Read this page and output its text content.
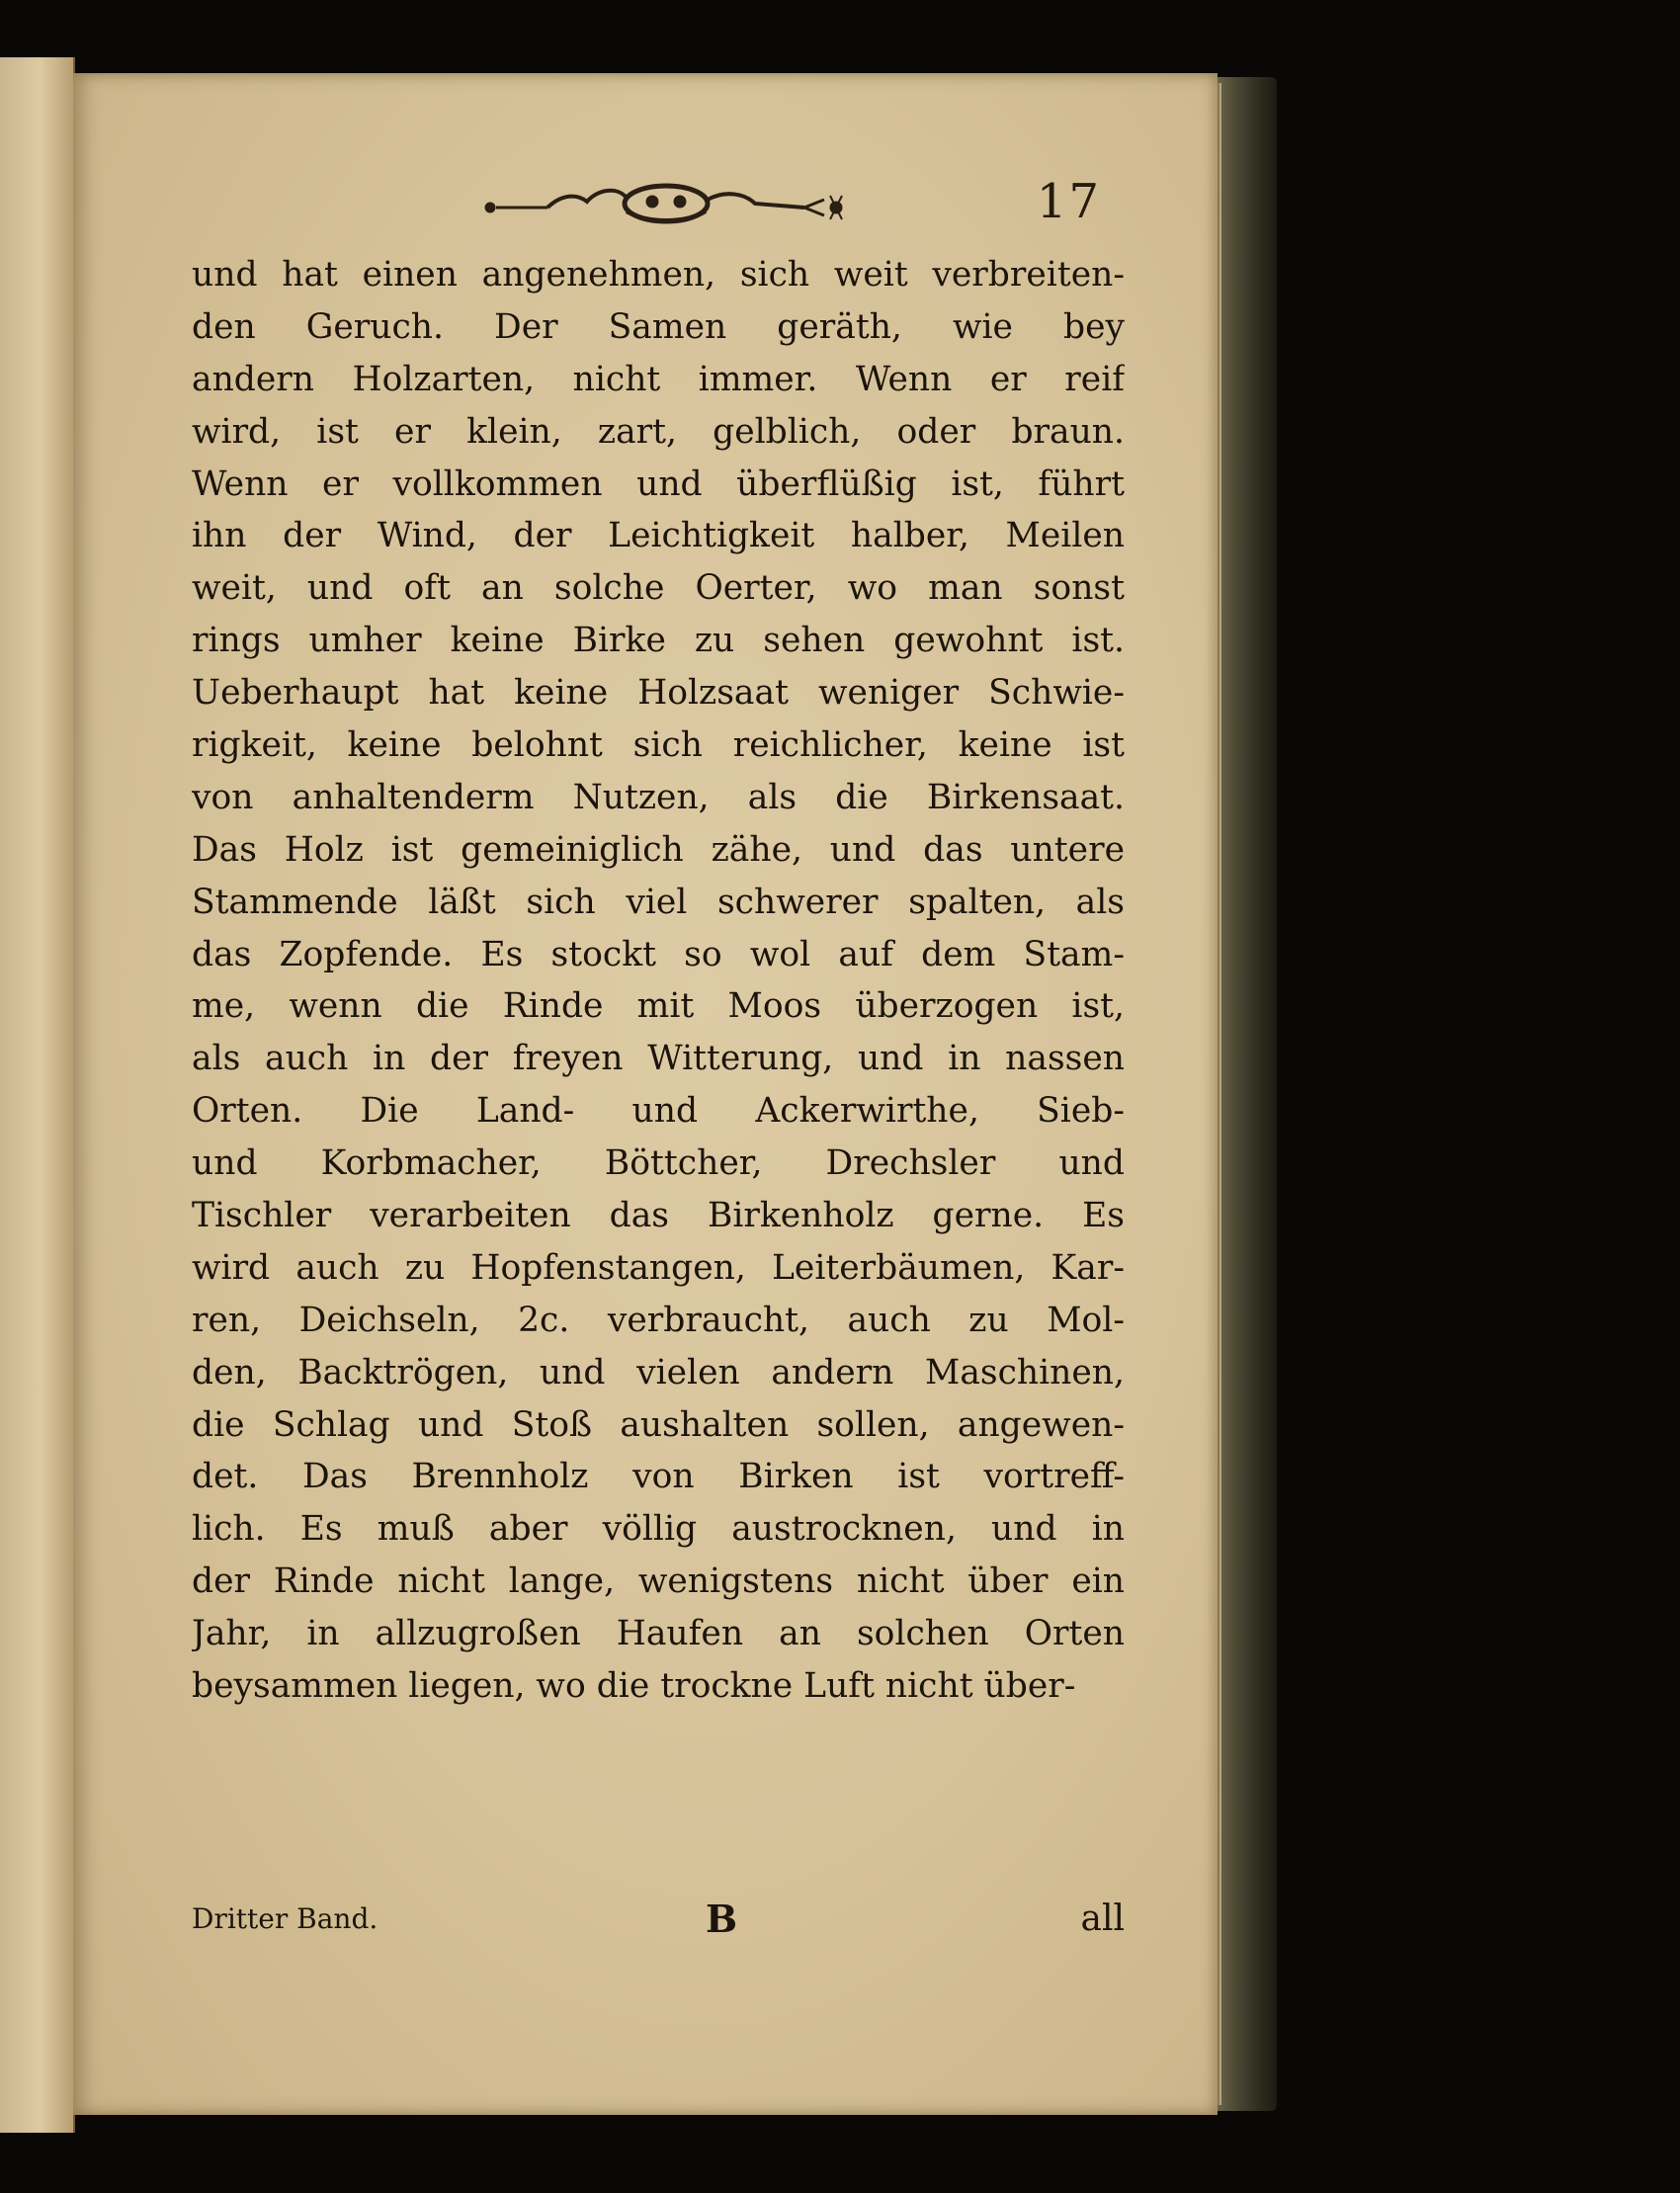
17
und hat einen angenehmen, sich weit verbreiten-
den Geruch. Der Samen geräth, wie bey
andern Holzarten, nicht immer. Wenn er reif
wird, ist er klein, zart, gelblich, oder braun.
Wenn er vollkommen und überflüßig ist, führt
ihn der Wind, der Leichtigkeit halber, Meilen
weit, und oft an solche Oerter, wo man sonst
rings umher keine Birke zu sehen gewohnt ist.
Ueberhaupt hat keine Holzsaat weniger Schwie-
rigkeit, keine belohnt sich reichlicher, keine ist
von anhaltenderm Nutzen, als die Birkensaat.
Das Holz ist gemeiniglich zähe, und das untere
Stammende läßt sich viel schwerer spalten, als
das Zopfende. Es stockt so wol auf dem Stam-
me, wenn die Rinde mit Moos überzogen ist,
als auch in der freyen Witterung, und in nassen
Orten. Die Land- und Ackerwirthe, Sieb-
und Korbmacher, Böttcher, Drechsler und
Tischler verarbeiten das Birkenholz gerne. Es
wird auch zu Hopfenstangen, Leiterbäumen, Kar-
ren, Deichseln, 2c. verbraucht, auch zu Mol-
den, Backtrögen, und vielen andern Maschinen,
die Schlag und Stoß aushalten sollen, angewen-
det. Das Brennholz von Birken ist vortreff-
lich. Es muß aber völlig austrocknen, und in
der Rinde nicht lange, wenigstens nicht über ein
Jahr, in allzugroßen Haufen an solchen Orten
beysammen liegen, wo die trockne Luft nicht über-
Dritter Band.	B	all
